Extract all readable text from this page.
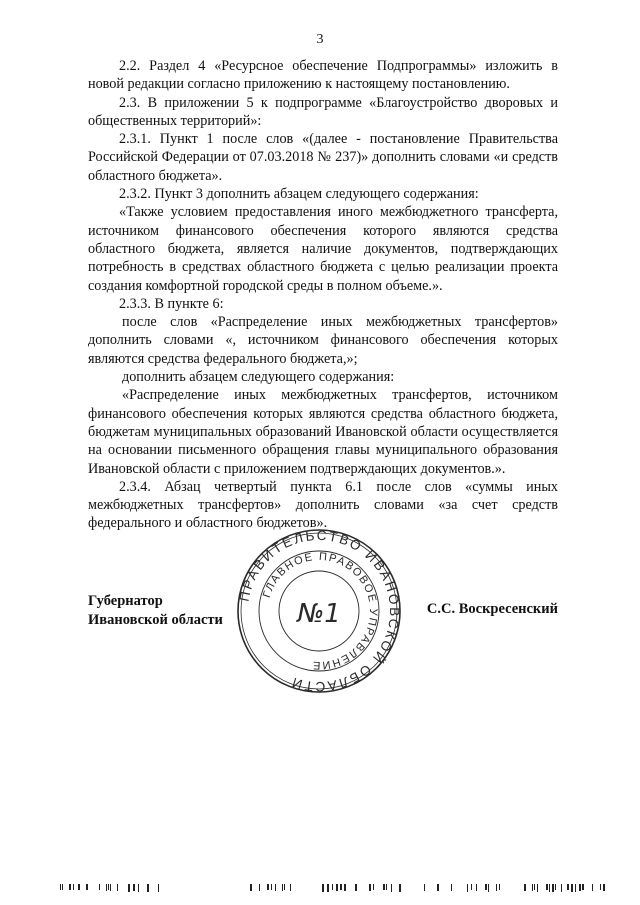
3

2.2. Раздел 4 «Ресурсное обеспечение Подпрограммы» изложить в новой редакции согласно приложению к настоящему постановлению.

2.3. В приложении 5 к подпрограмме «Благоустройство дворовых и общественных территорий»:

2.3.1. Пункт 1 после слов «(далее - постановление Правительства Российской Федерации от 07.03.2018 № 237)» дополнить словами «и средств областного бюджета».

2.3.2. Пункт 3 дополнить абзацем следующего содержания:

«Также условием предоставления иного межбюджетного трансферта, источником финансового обеспечения которого являются средства областного бюджета, является наличие документов, подтверждающих потребность в средствах областного бюджета с целью реализации проекта создания комфортной городской среды в полном объеме.».

2.3.3. В пункте 6:

после слов «Распределение иных межбюджетных трансфертов» дополнить словами «, источником финансового обеспечения которых являются средства федерального бюджета,»;

дополнить абзацем следующего содержания:

«Распределение иных межбюджетных трансфертов, источником финансового обеспечения которых являются средства областного бюджета, бюджетам муниципальных образований Ивановской области осуществляется на основании письменного обращения главы муниципального образования Ивановской области с приложением подтверждающих документов.».

2.3.4. Абзац четвертый пункта 6.1 после слов «суммы иных межбюджетных трансфертов» дополнить словами «за счет средств федерального и областного бюджетов».

Губернатор
Ивановской области
С.С. Воскресенский
ПРАВИТЕЛЬСТВО ИВАНОВСКОЙ ОБЛАСТИ
ГЛАВНОЕ ПРАВОВОЕ УПРАВЛЕНИЕ
№1
